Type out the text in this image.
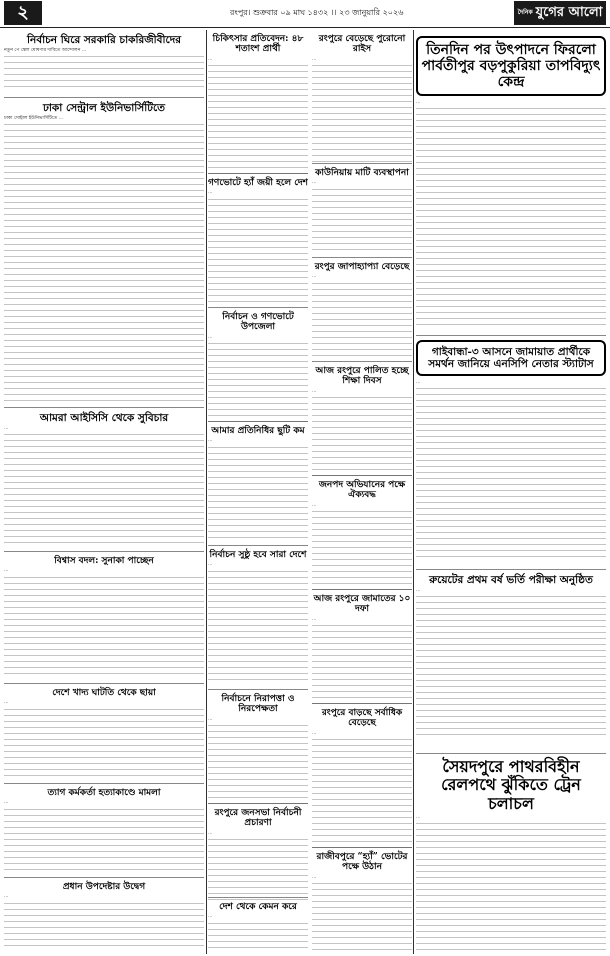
২	রংপুর। শুক্রবার ০৯ মাঘ ১৪৩২ ।। ২৩ জানুয়ারি ২০২৬	$^{দৈনিক}$ যুগের আলো
নির্বাচন ঘিরে সরকারি চাকরিজীবীদের

নতুন পে স্কেল ঘোষণার দাবিতে আন্দোলন ...

ঢাকা সেন্ট্রাল ইউনিভার্সিটিতে

ঢাকা সেন্ট্রাল ইউনিভার্সিটিতে ...

আমরা আইসিসি থেকে সুবিচার

...

বিশ্বাস বদল: সুনাকা পাচ্ছেন

...

দেশে খাদ্য ঘাটতি থেকে ছায়া

...

ত্যাগ কর্মকর্তা হত্যাকাণ্ডে মামলা

...

প্রধান উপদেষ্টার উদ্বেগ

...

চিকিৎসার প্রতিবেদন: ৪৮ শতাংশ প্রার্থী

...

গণভোটে হ্যাঁ জয়ী হলে দেশ

...

নির্বাচন ও গণভোটে উপজেলা

...

আমার প্রতিনিধির ছুটি কম

...

নির্বাচন সুষ্ঠু হবে সারা দেশে

...

নির্বাচনে নিরাপত্তা ও নিরপেক্ষতা

...

রংপুরে জনসভা নির্বাচনী প্রচারণা

...

দেশ থেকে কেমন করে

...

রংপুরে বেড়েছে পুরোনো রাইস

...

কাউনিয়ায় মাটি ব্যবস্থাপনা

...

রংপুর জাপাহ্যাপ্যা বেড়েছে

...

আজ রংপুরে পালিত হচ্ছে শিক্ষা দিবস

...

জনপদ অভিযানের পক্ষে ঐক্যবদ্ধ

...

আজ রংপুরে জামাতের ১০ দফা

...

রংপুরে বাড়ছে সর্বাধিক বেড়েছে

...

রাজীবপুরে “হ্যাঁ” ভোটের পক্ষে উঠান

...

তিনদিন পর উৎপাদনে ফিরলো পার্বতীপুর বড়পুকুরিয়া তাপবিদ্যুৎ কেন্দ্র

...

গাইবান্ধা-৩ আসনে জামায়াত প্রার্থীকে সমর্থন জানিয়ে এনসিপি নেতার স্ট্যাটাস

...

রুয়েটের প্রথম বর্ষ ভর্তি পরীক্ষা অনুষ্ঠিত

...

সৈয়দপুরে পাথরবিহীন রেলপথে ঝুঁকিতে ট্রেন চলাচল

...
